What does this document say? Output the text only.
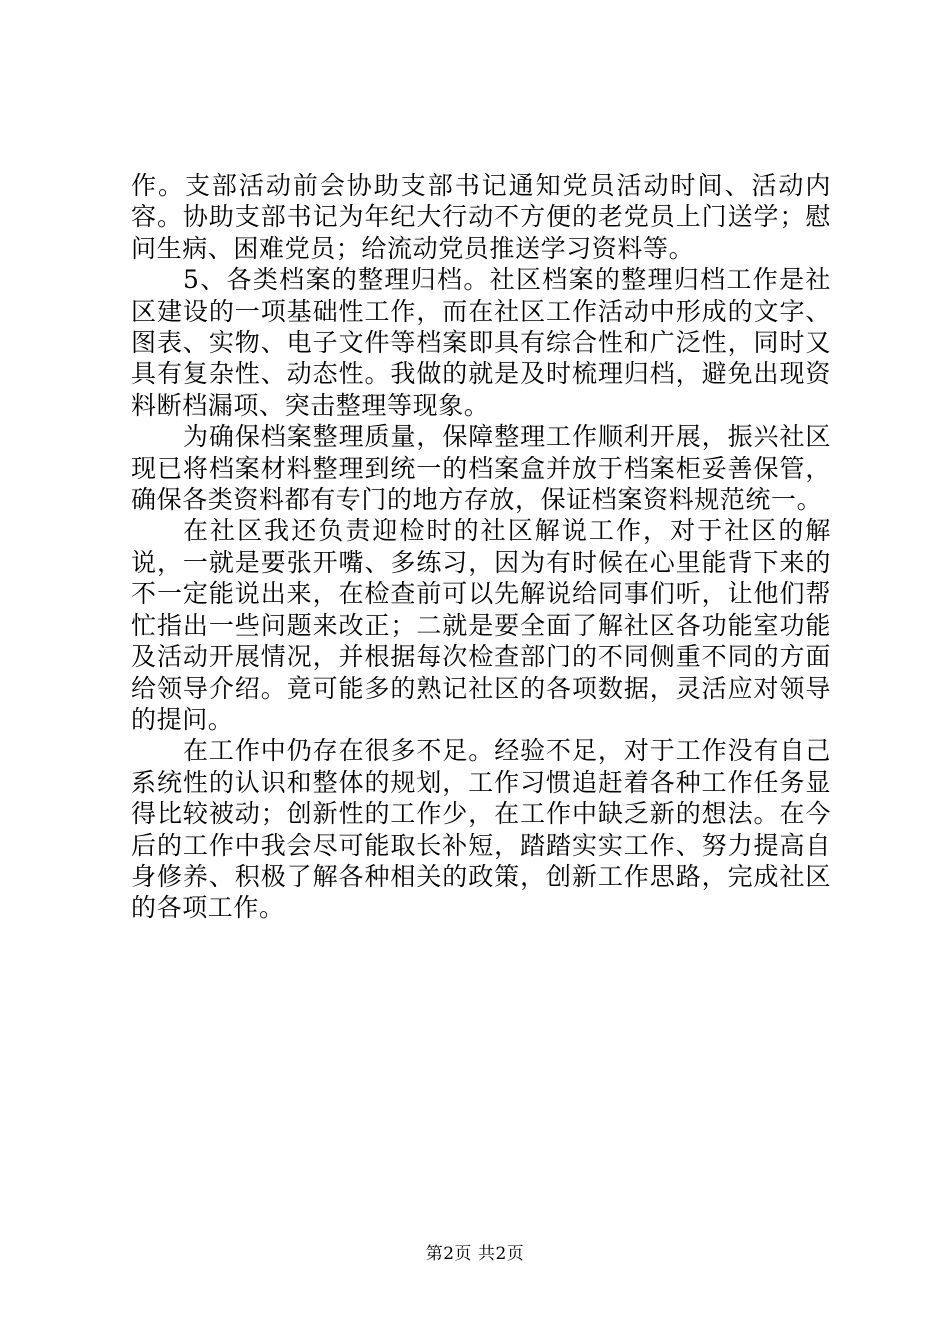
作。支部活动前会协助支部书记通知党员活动时间、活动内容。协助支部书记为年纪大行动不方便的老党员上门送学；慰问生病、困难党员；给流动党员推送学习资料等。

5、各类档案的整理归档。社区档案的整理归档工作是社区建设的一项基础性工作，而在社区工作活动中形成的文字、图表、实物、电子文件等档案即具有综合性和广泛性，同时又具有复杂性、动态性。我做的就是及时梳理归档，避免出现资料断档漏项、突击整理等现象。

为确保档案整理质量，保障整理工作顺利开展，振兴社区现已将档案材料整理到统一的档案盒并放于档案柜妥善保管，确保各类资料都有专门的地方存放，保证档案资料规范统一。

在社区我还负责迎检时的社区解说工作，对于社区的解说，一就是要张开嘴、多练习，因为有时候在心里能背下来的不一定能说出来，在检查前可以先解说给同事们听，让他们帮忙指出一些问题来改正；二就是要全面了解社区各功能室功能及活动开展情况，并根据每次检查部门的不同侧重不同的方面给领导介绍。竟可能多的熟记社区的各项数据，灵活应对领导的提问。

在工作中仍存在很多不足。经验不足，对于工作没有自己系统性的认识和整体的规划，工作习惯追赶着各种工作任务显得比较被动；创新性的工作少，在工作中缺乏新的想法。在今后的工作中我会尽可能取长补短，踏踏实实工作、努力提高自身修养、积极了解各种相关的政策，创新工作思路，完成社区的各项工作。

第2页 共2页
